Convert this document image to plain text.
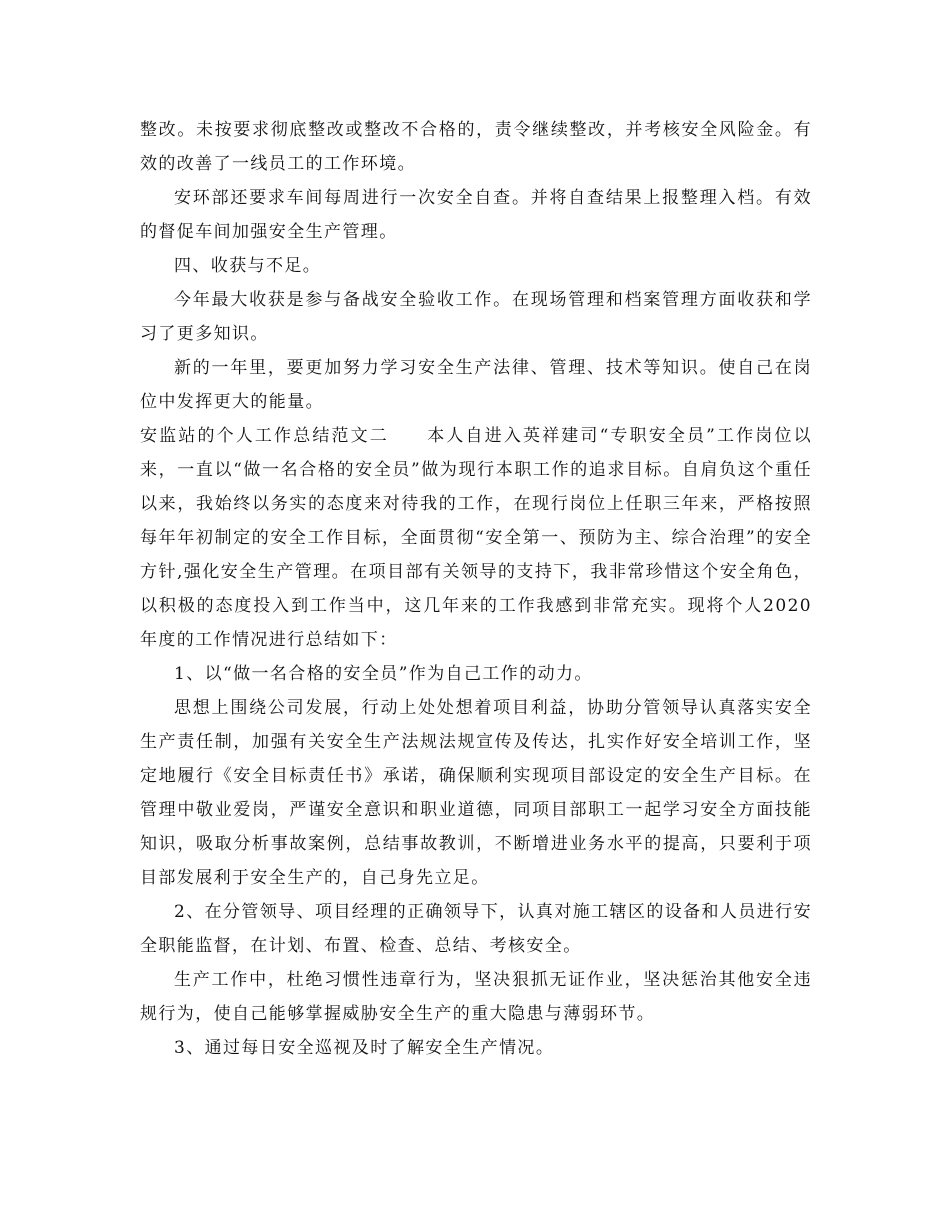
整改。未按要求彻底整改或整改不合格的，责令继续整改，并考核安全风险金。有效的改善了一线员工的工作环境。

安环部还要求车间每周进行一次安全自查。并将自查结果上报整理入档。有效的督促车间加强安全生产管理。

四、收获与不足。

今年最大收获是参与备战安全验收工作。在现场管理和档案管理方面收获和学习了更多知识。

新的一年里，要更加努力学习安全生产法律、管理、技术等知识。使自己在岗位中发挥更大的能量。

安监站的个人工作总结范文二　　本人自进入英祥建司“专职安全员”工作岗位以来，一直以“做一名合格的安全员”做为现行本职工作的追求目标。自肩负这个重任以来，我始终以务实的态度来对待我的工作，在现行岗位上任职三年来，严格按照每年年初制定的安全工作目标，全面贯彻“安全第一、预防为主、综合治理”的安全方针,强化安全生产管理。在项目部有关领导的支持下，我非常珍惜这个安全角色，以积极的态度投入到工作当中，这几年来的工作我感到非常充实。现将个人2020年度的工作情况进行总结如下：

1、以“做一名合格的安全员”作为自己工作的动力。

思想上围绕公司发展，行动上处处想着项目利益，协助分管领导认真落实安全生产责任制，加强有关安全生产法规法规宣传及传达，扎实作好安全培训工作，坚定地履行《安全目标责任书》承诺，确保顺利实现项目部设定的安全生产目标。在管理中敬业爱岗，严谨安全意识和职业道德，同项目部职工一起学习安全方面技能知识，吸取分析事故案例，总结事故教训，不断增进业务水平的提高，只要利于项目部发展利于安全生产的，自己身先立足。

2、在分管领导、项目经理的正确领导下，认真对施工辖区的设备和人员进行安全职能监督，在计划、布置、检查、总结、考核安全。

生产工作中，杜绝习惯性违章行为，坚决狠抓无证作业，坚决惩治其他安全违规行为，使自己能够掌握威胁安全生产的重大隐患与薄弱环节。

3、通过每日安全巡视及时了解安全生产情况。
